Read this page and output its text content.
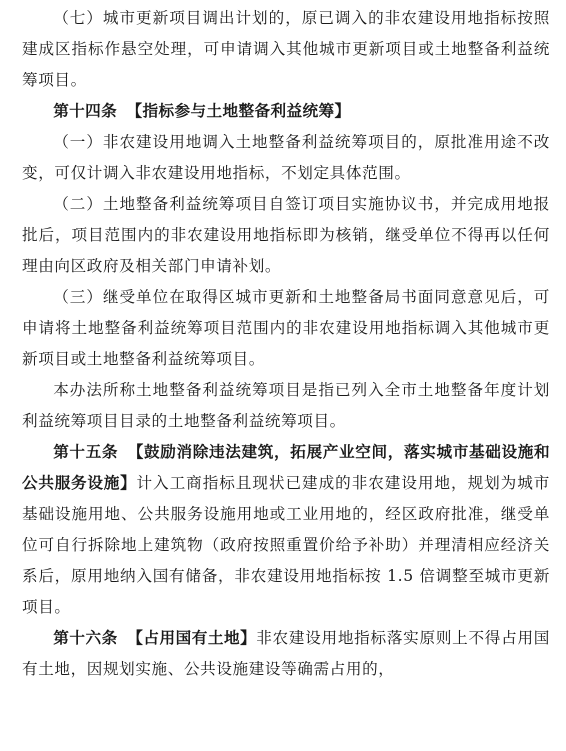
（七）城市更新项目调出计划的，原已调入的非农建设用地指标按照建成区指标作悬空处理，可申请调入其他城市更新项目或土地整备利益统筹项目。

第十四条 【指标参与土地整备利益统筹】

（一）非农建设用地调入土地整备利益统筹项目的，原批准用途不改变，可仅计调入非农建设用地指标，不划定具体范围。

（二）土地整备利益统筹项目自签订项目实施协议书，并完成用地报批后，项目范围内的非农建设用地指标即为核销，继受单位不得再以任何理由向区政府及相关部门申请补划。

（三）继受单位在取得区城市更新和土地整备局书面同意意见后，可申请将土地整备利益统筹项目范围内的非农建设用地指标调入其他城市更新项目或土地整备利益统筹项目。

本办法所称土地整备利益统筹项目是指已列入全市土地整备年度计划利益统筹项目目录的土地整备利益统筹项目。

第十五条 【鼓励消除违法建筑，拓展产业空间，落实城市基础设施和公共服务设施】计入工商指标且现状已建成的非农建设用地，规划为城市基础设施用地、公共服务设施用地或工业用地的，经区政府批准，继受单位可自行拆除地上建筑物（政府按照重置价给予补助）并理清相应经济关系后，原用地纳入国有储备，非农建设用地指标按 1.5 倍调整至城市更新项目。

第十六条 【占用国有土地】非农建设用地指标落实原则上不得占用国有土地，因规划实施、公共设施建设等确需占用的，
